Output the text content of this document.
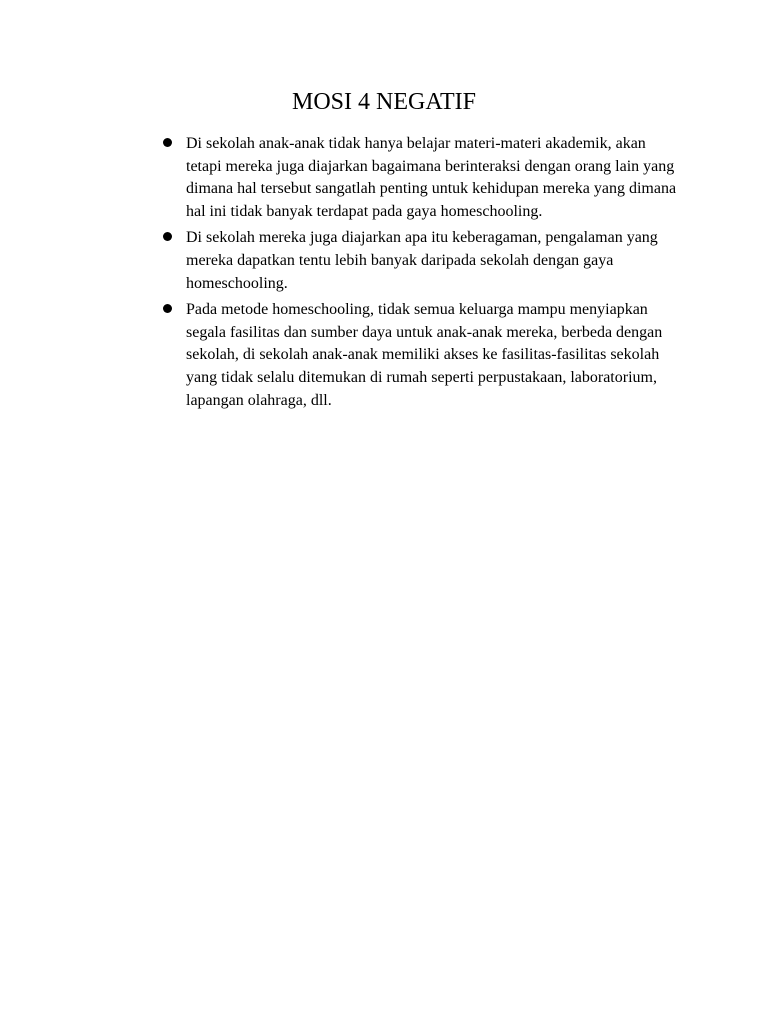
MOSI 4 NEGATIF
Di sekolah anak-anak tidak hanya belajar materi-materi akademik, akan tetapi mereka juga diajarkan bagaimana berinteraksi dengan orang lain yang dimana hal tersebut sangatlah penting untuk kehidupan mereka yang dimana hal ini tidak banyak terdapat pada gaya homeschooling.
Di sekolah mereka juga diajarkan apa itu keberagaman, pengalaman yang mereka dapatkan tentu lebih banyak daripada sekolah dengan gaya homeschooling.
Pada metode homeschooling, tidak semua keluarga mampu menyiapkan segala fasilitas dan sumber daya untuk anak-anak mereka, berbeda dengan sekolah, di sekolah anak-anak memiliki akses ke fasilitas-fasilitas sekolah yang tidak selalu ditemukan di rumah seperti perpustakaan, laboratorium, lapangan olahraga, dll.
